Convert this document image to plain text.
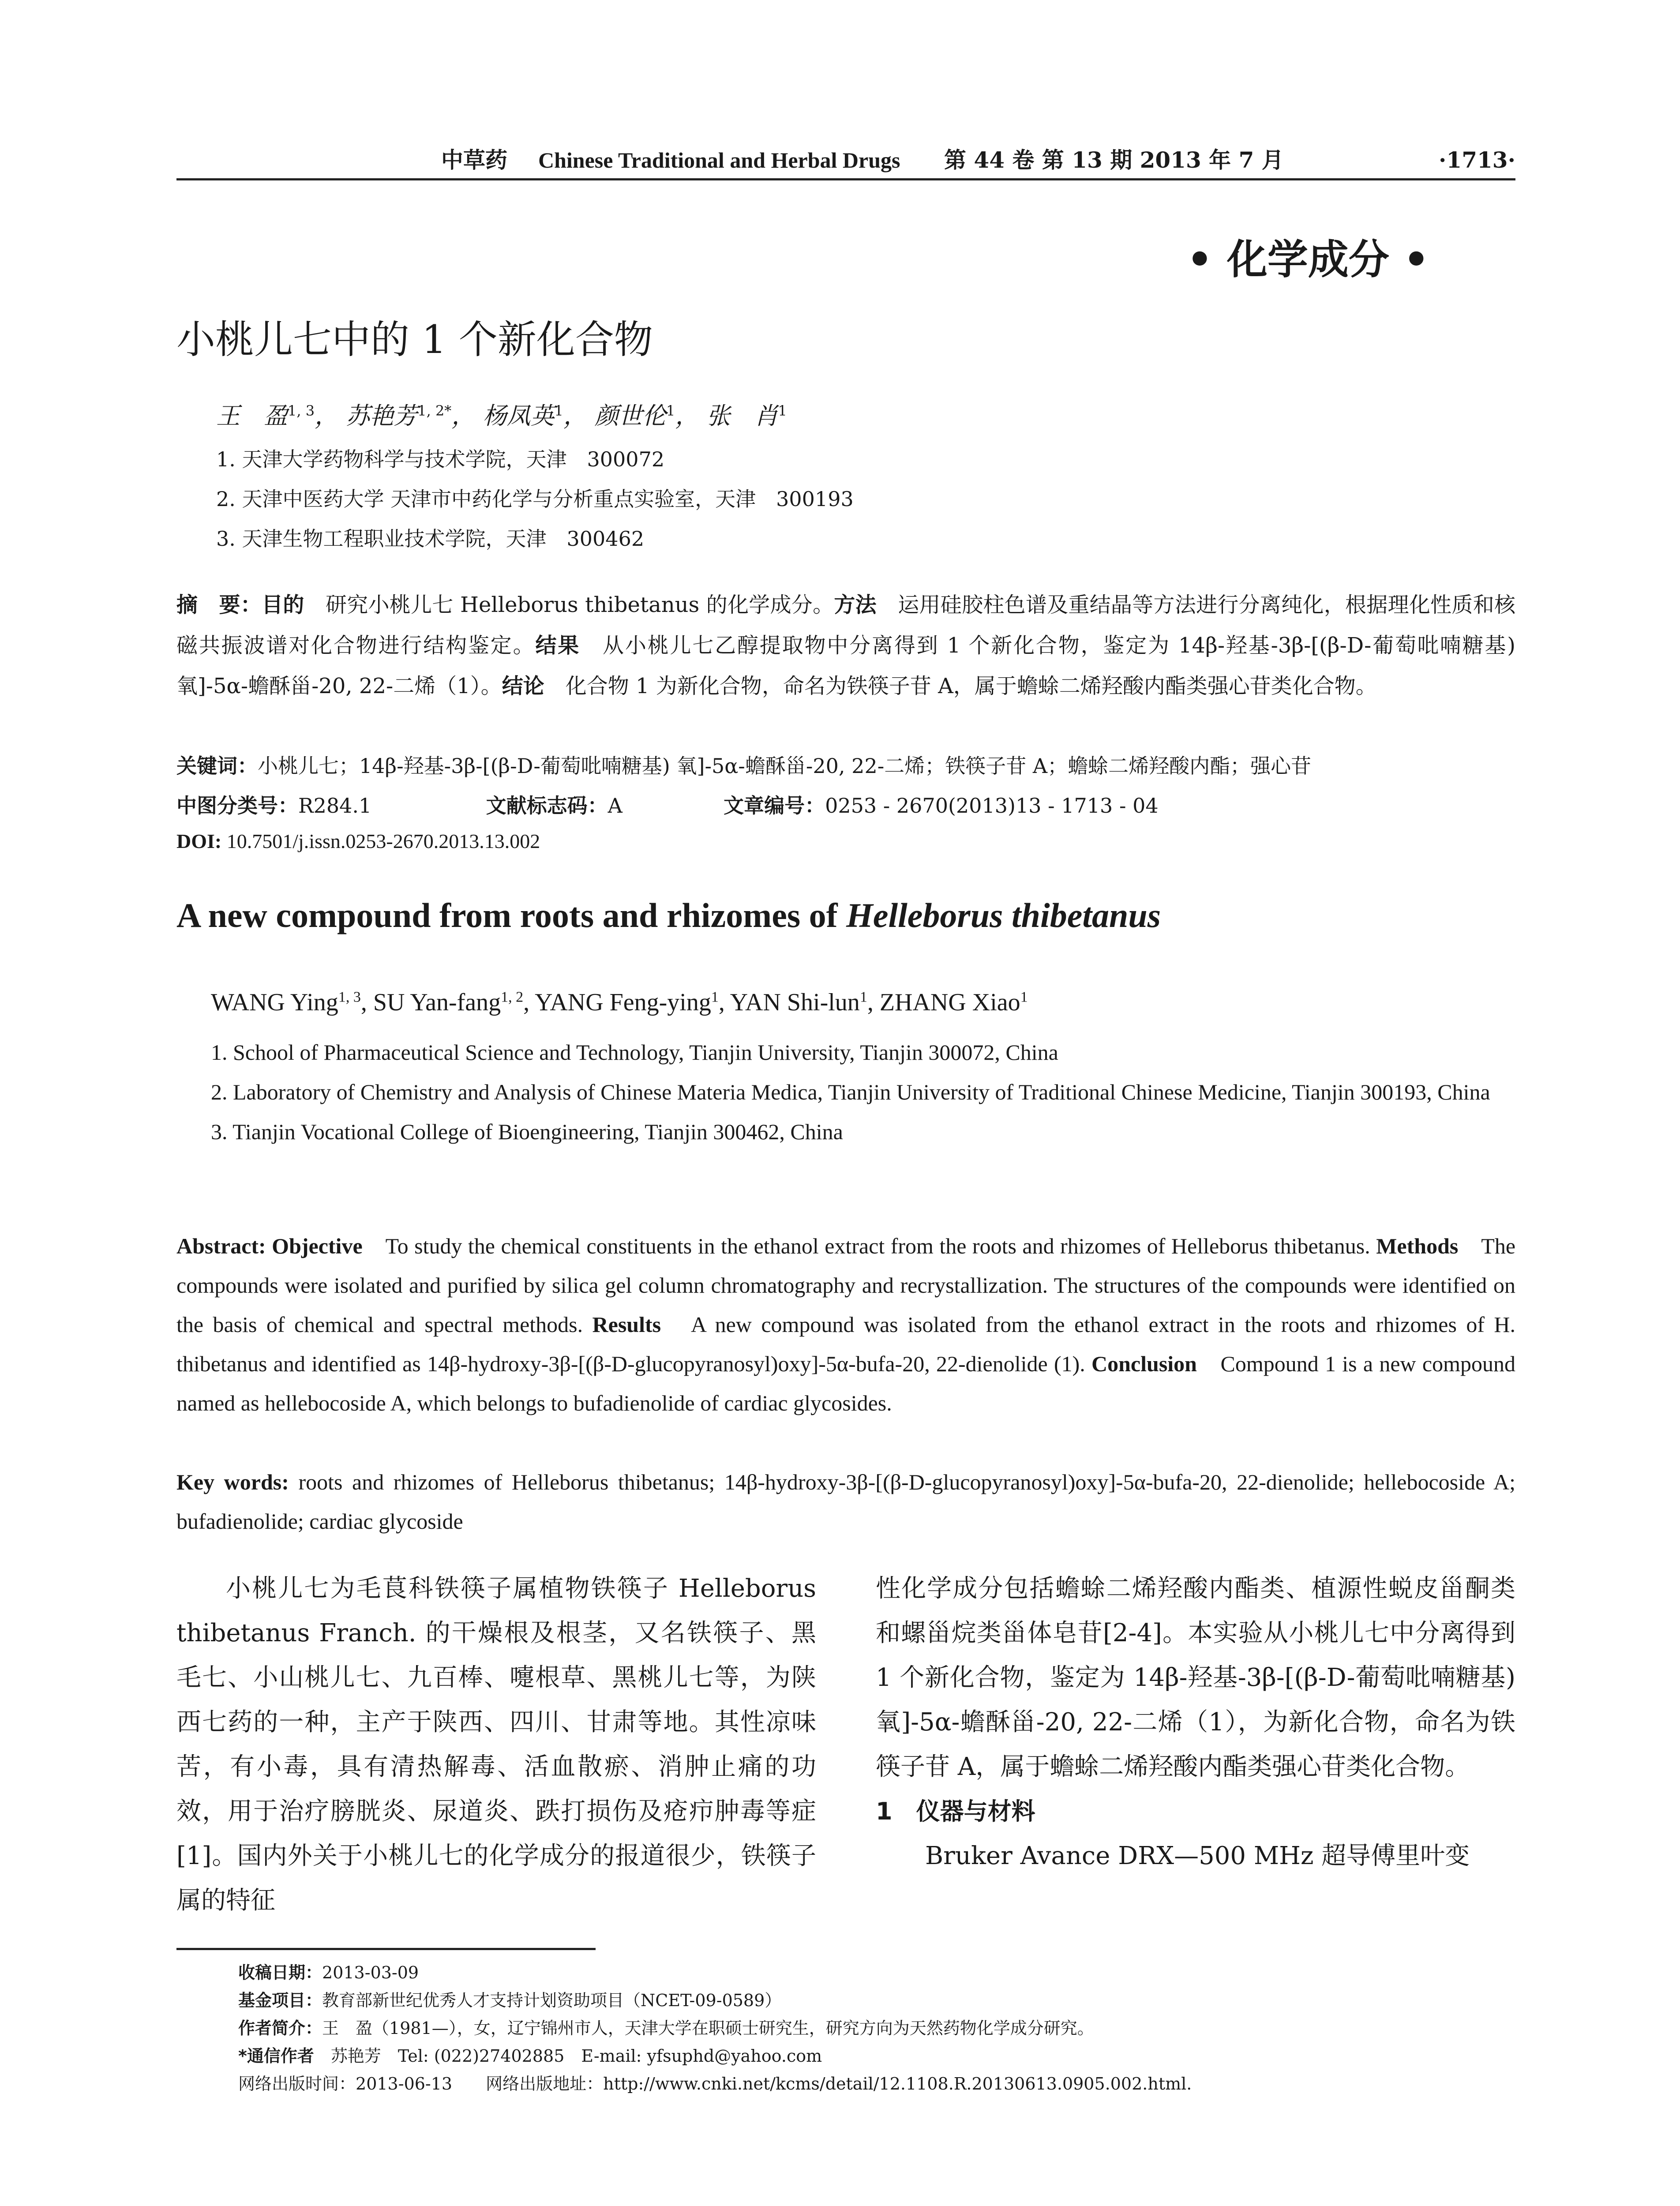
中草药 Chinese Traditional and Herbal Drugs 第 44 卷 第 13 期 2013 年 7 月	·1713·
• 化学成分 •
小桃儿七中的 1 个新化合物
王　盈$^{1, 3}$， 苏艳芳$^{1, 2*}$， 杨凤英$^1$， 颜世伦$^1$， 张　肖$^1$
1. 天津大学药物科学与技术学院，天津　300072
2. 天津中医药大学 天津市中药化学与分析重点实验室，天津　300193
3. 天津生物工程职业技术学院，天津　300462
摘　要：目的　研究小桃儿七 Helleborus thibetanus 的化学成分。方法　运用硅胶柱色谱及重结晶等方法进行分离纯化，根据理化性质和核磁共振波谱对化合物进行结构鉴定。结果　从小桃儿七乙醇提取物中分离得到 1 个新化合物，鉴定为 14β-羟基-3β-[(β-D-葡萄吡喃糖基) 氧]-5α-蟾酥甾-20, 22-二烯（1）。结论　化合物 1 为新化合物，命名为铁筷子苷 A，属于蟾蜍二烯羟酸内酯类强心苷类化合物。
关键词：小桃儿七；14β-羟基-3β-[(β-D-葡萄吡喃糖基) 氧]-5α-蟾酥甾-20, 22-二烯；铁筷子苷 A；蟾蜍二烯羟酸内酯；强心苷
中图分类号：R284.1	文献标志码：A	文章编号：0253 - 2670(2013)13 - 1713 - 04
DOI: 10.7501/j.issn.0253-2670.2013.13.002
A new compound from roots and rhizomes of Helleborus thibetanus
WANG Ying$^{1, 3}$, SU Yan-fang$^{1, 2}$, YANG Feng-ying$^1$, YAN Shi-lun$^1$, ZHANG Xiao$^1$
1. School of Pharmaceutical Science and Technology, Tianjin University, Tianjin 300072, China
2. Laboratory of Chemistry and Analysis of Chinese Materia Medica, Tianjin University of Traditional Chinese Medicine, Tianjin 300193, China
3. Tianjin Vocational College of Bioengineering, Tianjin 300462, China
Abstract: Objective　To study the chemical constituents in the ethanol extract from the roots and rhizomes of Helleborus thibetanus. Methods　The compounds were isolated and purified by silica gel column chromatography and recrystallization. The structures of the compounds were identified on the basis of chemical and spectral methods. Results　A new compound was isolated from the ethanol extract in the roots and rhizomes of H. thibetanus and identified as 14β-hydroxy-3β-[(β-D-glucopyranosyl)oxy]-5α-bufa-20, 22-dienolide (1). Conclusion　Compound 1 is a new compound named as hellebocoside A, which belongs to bufadienolide of cardiac glycosides.
Key words: roots and rhizomes of Helleborus thibetanus; 14β-hydroxy-3β-[(β-D-glucopyranosyl)oxy]-5α-bufa-20, 22-dienolide; hellebocoside A; bufadienolide; cardiac glycoside
小桃儿七为毛茛科铁筷子属植物铁筷子 Helleborus thibetanus Franch. 的干燥根及根茎，又名铁筷子、黑毛七、小山桃儿七、九百棒、嚏根草、黑桃儿七等，为陕西七药的一种，主产于陕西、四川、甘肃等地。其性凉味苦，有小毒，具有清热解毒、活血散瘀、消肿止痛的功效，用于治疗膀胱炎、尿道炎、跌打损伤及疮疖肿毒等症[1]。国内外关于小桃儿七的化学成分的报道很少，铁筷子属的特征
性化学成分包括蟾蜍二烯羟酸内酯类、植源性蜕皮甾酮类和螺甾烷类甾体皂苷[2-4]。本实验从小桃儿七中分离得到 1 个新化合物，鉴定为 14β-羟基-3β-[(β-D-葡萄吡喃糖基) 氧]-5α-蟾酥甾-20, 22-二烯（1），为新化合物，命名为铁筷子苷 A，属于蟾蜍二烯羟酸内酯类强心苷类化合物。
1　仪器与材料
Bruker Avance DRX—500 MHz 超导傅里叶变
收稿日期：2013-03-09
基金项目：教育部新世纪优秀人才支持计划资助项目（NCET-09-0589）
作者简介：王　盈（1981—），女，辽宁锦州市人，天津大学在职硕士研究生，研究方向为天然药物化学成分研究。
*通信作者　苏艳芳　Tel: (022)27402885　E-mail: yfsuphd@yahoo.com
网络出版时间：2013-06-13　　网络出版地址：http://www.cnki.net/kcms/detail/12.1108.R.20130613.0905.002.html.
